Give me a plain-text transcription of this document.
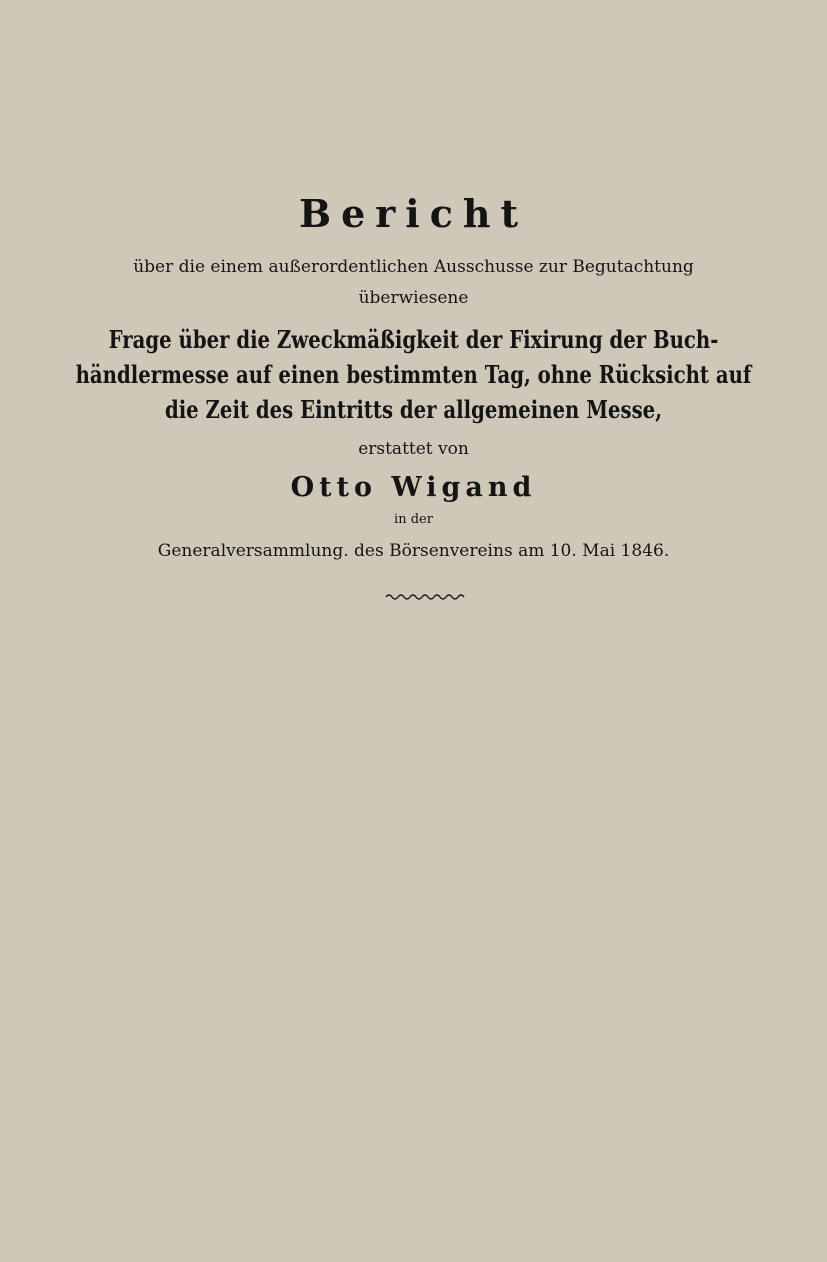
Bericht
über die einem außerordentlichen Ausschusse zur Begutachtung
überwiesene
Frage über die Zweckmäßigkeit der Fixirung der Buch-
händlermesse auf einen bestimmten Tag, ohne Rücksicht auf
die Zeit des Eintritts der allgemeinen Messe,
erstattet von
Otto Wigand
in der
Generalversammlung. des Börsenvereins am 10. Mai 1846.
